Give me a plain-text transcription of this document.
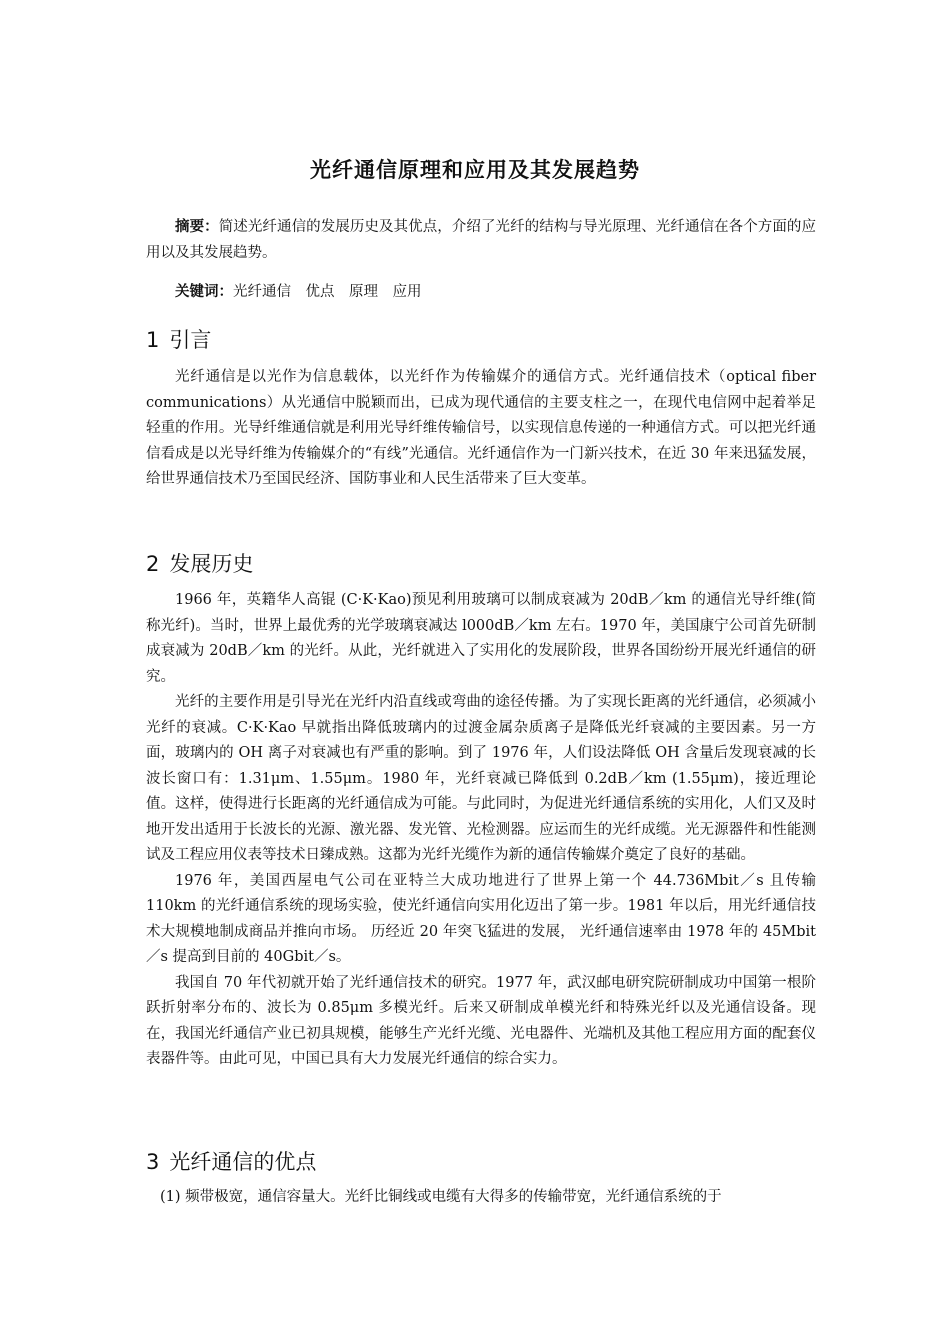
光纤通信原理和应用及其发展趋势

摘要：简述光纤通信的发展历史及其优点，介绍了光纤的结构与导光原理、光纤通信在各个方面的应用以及其发展趋势。

关键词：光纤通信　优点　原理　应用

1 引言

光纤通信是以光作为信息载体，以光纤作为传输媒介的通信方式。光纤通信技术（optical fiber communications）从光通信中脱颖而出，已成为现代通信的主要支柱之一，在现代电信网中起着举足轻重的作用。光导纤维通信就是利用光导纤维传输信号，以实现信息传递的一种通信方式。可以把光纤通信看成是以光导纤维为传输媒介的“有线”光通信。光纤通信作为一门新兴技术，在近 30 年来迅猛发展，给世界通信技术乃至国民经济、国防事业和人民生活带来了巨大变革。

2 发展历史

1966 年，英籍华人高锟 (C·K·Kao)预见利用玻璃可以制成衰减为 20dB／km 的通信光导纤维(简称光纤)。当时，世界上最优秀的光学玻璃衰减达 l000dB／km 左右。1970 年，美国康宁公司首先研制成衰减为 20dB／km 的光纤。从此，光纤就进入了实用化的发展阶段，世界各国纷纷开展光纤通信的研究。

光纤的主要作用是引导光在光纤内沿直线或弯曲的途径传播。为了实现长距离的光纤通信，必须减小光纤的衰减。C·K·Kao 早就指出降低玻璃内的过渡金属杂质离子是降低光纤衰减的主要因素。另一方面，玻璃内的 OH 离子对衰减也有严重的影响。到了 1976 年，人们设法降低 OH 含量后发现衰减的长波长窗口有：1.31μm、1.55μm。1980 年，光纤衰减已降低到 0.2dB／km (1.55μm)，接近理论值。这样，使得进行长距离的光纤通信成为可能。与此同时，为促进光纤通信系统的实用化，人们又及时地开发出适用于长波长的光源、激光器、发光管、光检测器。应运而生的光纤成缆。光无源器件和性能测试及工程应用仪表等技术日臻成熟。这都为光纤光缆作为新的通信传输媒介奠定了良好的基础。

1976 年，美国西屋电气公司在亚特兰大成功地进行了世界上第一个 44.736Mbit／s 且传输 110km 的光纤通信系统的现场实验，使光纤通信向实用化迈出了第一步。1981 年以后，用光纤通信技术大规模地制成商品并推向市场。 历经近 20 年突飞猛进的发展， 光纤通信速率由 1978 年的 45Mbit／s 提高到目前的 40Gbit／s。

我国自 70 年代初就开始了光纤通信技术的研究。1977 年，武汉邮电研究院研制成功中国第一根阶跃折射率分布的、波长为 0.85μm 多模光纤。后来又研制成单模光纤和特殊光纤以及光通信设备。现在，我国光纤通信产业已初具规模，能够生产光纤光缆、光电器件、光端机及其他工程应用方面的配套仪表器件等。由此可见，中国已具有大力发展光纤通信的综合实力。

3 光纤通信的优点

(1) 频带极宽，通信容量大。光纤比铜线或电缆有大得多的传输带宽，光纤通信系统的于
